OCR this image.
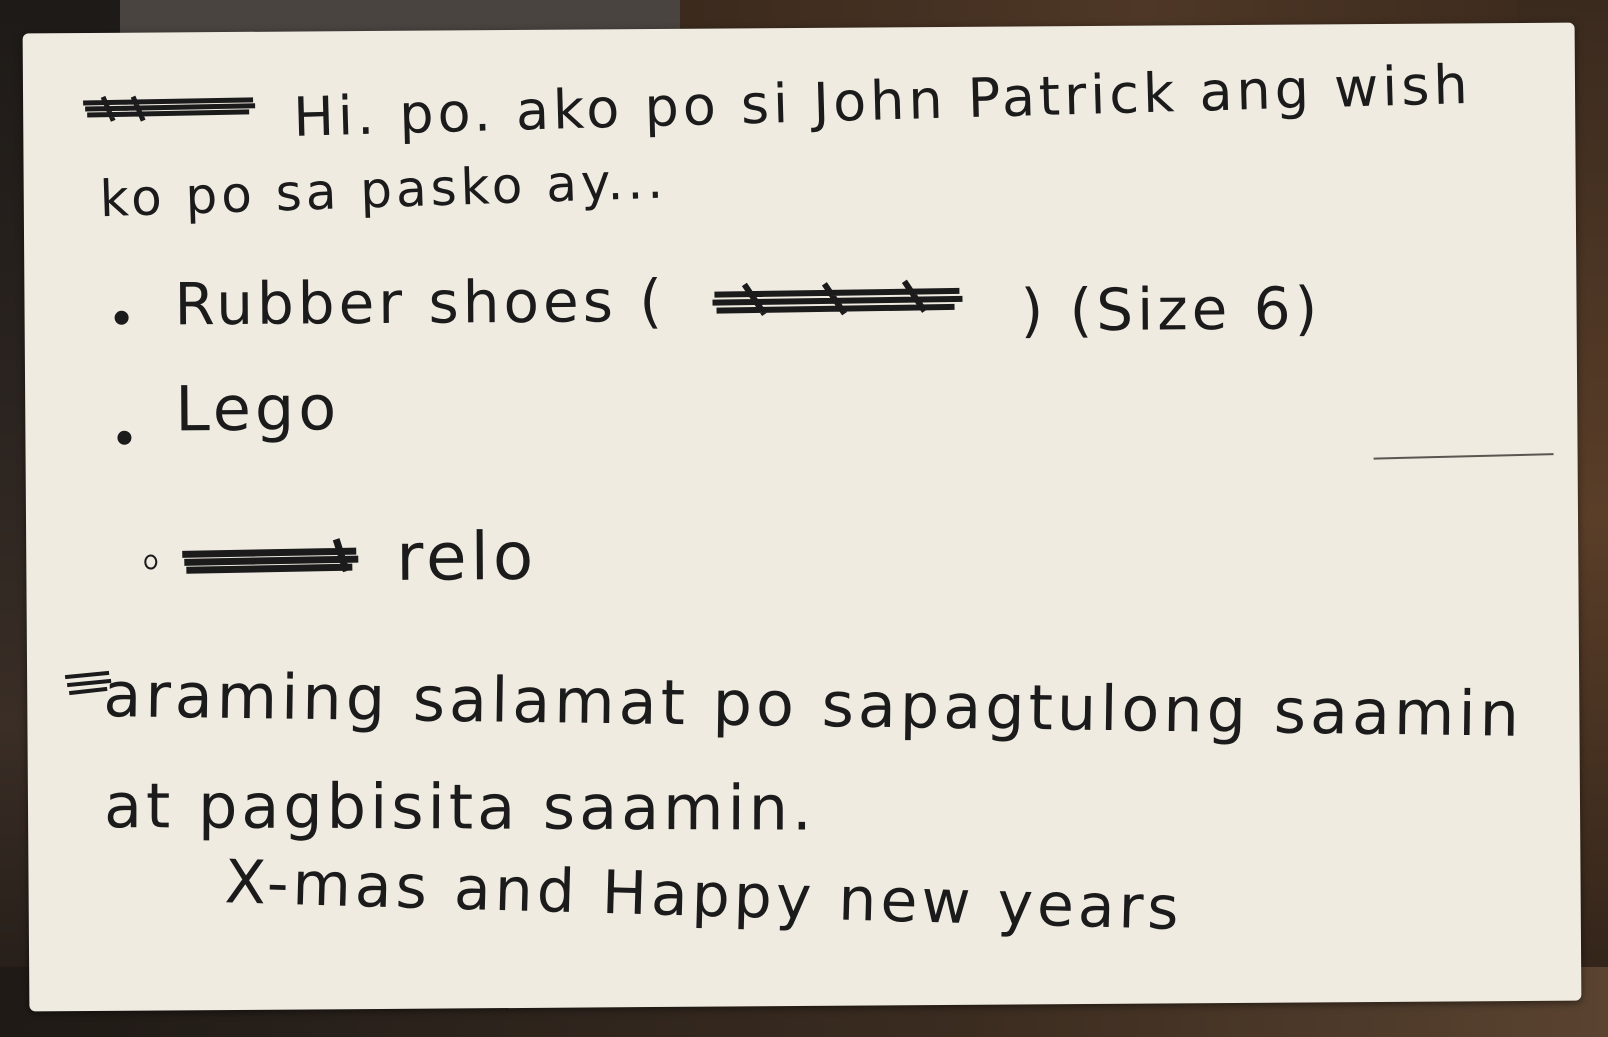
Hi. po. ako po si John Patrick ang wish
ko po sa pasko ay...
Rubber shoes (	) (Size 6)
Lego
relo
araming salamat po sapagtulong saamin
at pagbisita saamin.
X-mas and Happy new years
